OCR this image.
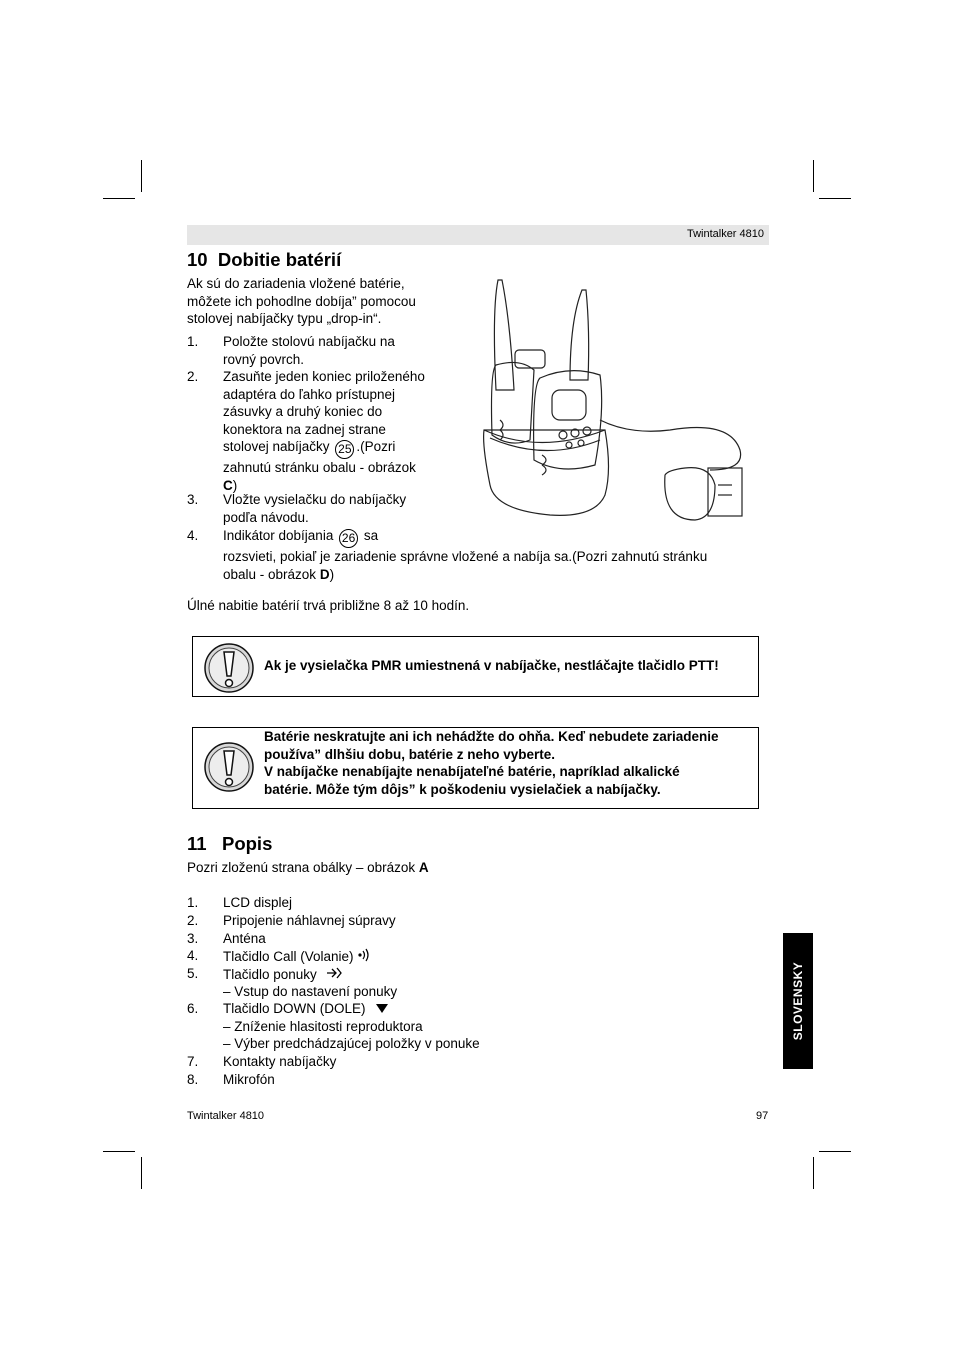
Twintalker 4810
10 Dobitie batérií
Ak sú do zariadenia vložené batérie,
môžete ich pohodlne dobíja” pomocou
stolovej nabíjačky typu „drop-in“.
1. Položte stolovú nabíjačku na
rovný povrch.
2. Zasuňte jeden koniec priloženého
adaptéra do ľahko prístupnej
zásuvky a druhý koniec do
konektora na zadnej strane
stolovej nabíjačky 25 .(Pozri
zahnutú stránku obalu - obrázok
C)
3. Vložte vysielačku do nabíjačky
podľa návodu.
4. Indikátor dobíjania 26 sa
rozsvieti, pokiaľ je zariadenie správne vložené a nabíja sa.(Pozri zahnutú stránku
obalu - obrázok D)
Úlné nabitie batérií trvá približne 8 až 10 hodín.
Ak je vysielačka PMR umiestnená v nabíjačke, nestláčajte tlačidlo PTT!
Batérie neskratujte ani ich nehádžte do ohňa. Keď nebudete zariadenie
používa” dlhšiu dobu, batérie z neho vyberte.
V nabíjačke nenabíjajte nenabíjateľné batérie, napríklad alkalické
batérie. Môže tým dôjs” k poškodeniu vysielačiek a nabíjačky.
11 Popis
Pozri zloženú strana obálky – obrázok A
1. LCD displej
2. Pripojenie náhlavnej súpravy
3. Anténa
4. Tlačidlo Call (Volanie)
5. Tlačidlo ponuky
– Vstup do nastavení ponuky
6. Tlačidlo DOWN (DOLE)
– Zníženie hlasitosti reproduktora
– Výber predchádzajúcej položky v ponuke
7. Kontakty nabíjačky
8. Mikrofón
SLOVENSKY
Twintalker 4810	97
